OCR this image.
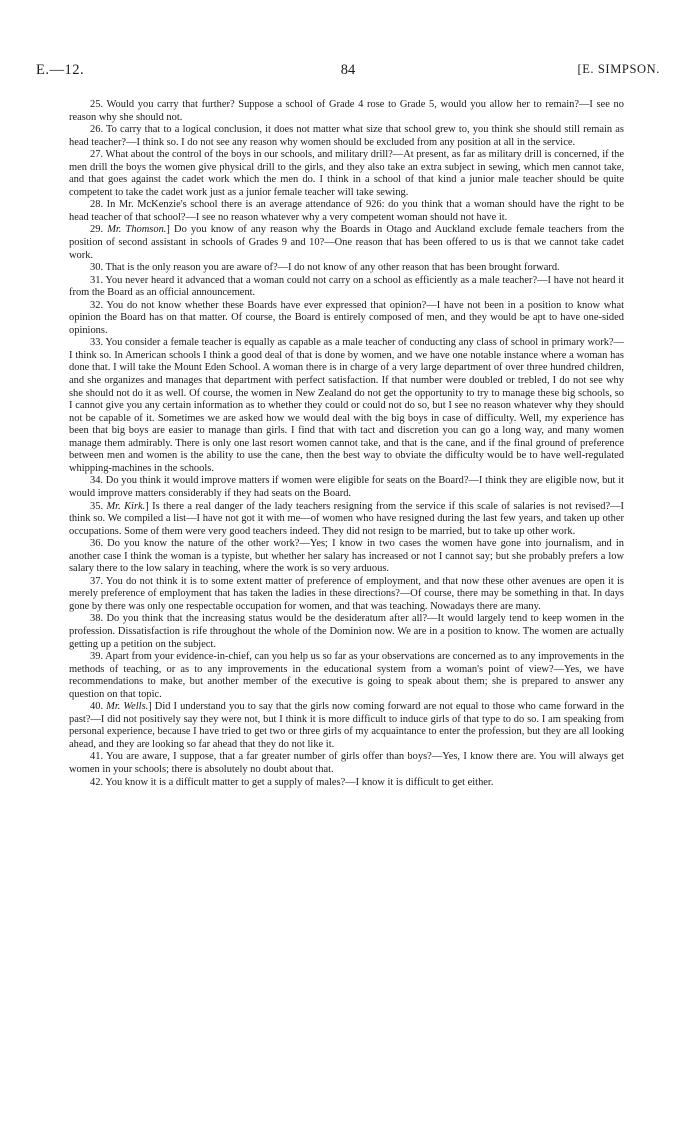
E.—12.	84	[E. SIMPSON.

25. Would you carry that further? Suppose a school of Grade 4 rose to Grade 5, would you allow her to remain?—I see no reason why she should not.

26. To carry that to a logical conclusion, it does not matter what size that school grew to, you think she should still remain as head teacher?—I think so. I do not see any reason why women should be excluded from any position at all in the service.

27. What about the control of the boys in our schools, and military drill?—At present, as far as military drill is concerned, if the men drill the boys the women give physical drill to the girls, and they also take an extra subject in sewing, which men cannot take, and that goes against the cadet work which the men do. I think in a school of that kind a junior male teacher should be quite competent to take the cadet work just as a junior female teacher will take sewing.

28. In Mr. McKenzie's school there is an average attendance of 926: do you think that a woman should have the right to be head teacher of that school?—I see no reason whatever why a very competent woman should not have it.

29. Mr. Thomson.] Do you know of any reason why the Boards in Otago and Auckland exclude female teachers from the position of second assistant in schools of Grades 9 and 10?—One reason that has been offered to us is that we cannot take cadet work.

30. That is the only reason you are aware of?—I do not know of any other reason that has been brought forward.

31. You never heard it advanced that a woman could not carry on a school as efficiently as a male teacher?—I have not heard it from the Board as an official announcement.

32. You do not know whether these Boards have ever expressed that opinion?—I have not been in a position to know what opinion the Board has on that matter. Of course, the Board is entirely composed of men, and they would be apt to have one-sided opinions.

33. You consider a female teacher is equally as capable as a male teacher of conducting any class of school in primary work?—I think so. In American schools I think a good deal of that is done by women, and we have one notable instance where a woman has done that. I will take the Mount Eden School. A woman there is in charge of a very large department of over three hundred children, and she organizes and manages that department with perfect satisfaction. If that number were doubled or trebled, I do not see why she should not do it as well. Of course, the women in New Zealand do not get the opportunity to try to manage these big schools, so I cannot give you any certain information as to whether they could or could not do so, but I see no reason whatever why they should not be capable of it. Sometimes we are asked how we would deal with the big boys in case of difficulty. Well, my experience has been that big boys are easier to manage than girls. I find that with tact and discretion you can go a long way, and many women manage them admirably. There is only one last resort women cannot take, and that is the cane, and if the final ground of preference between men and women is the ability to use the cane, then the best way to obviate the difficulty would be to have well-regulated whipping-machines in the schools.

34. Do you think it would improve matters if women were eligible for seats on the Board?—I think they are eligible now, but it would improve matters considerably if they had seats on the Board.

35. Mr. Kirk.] Is there a real danger of the lady teachers resigning from the service if this scale of salaries is not revised?—I think so. We compiled a list—I have not got it with me—of women who have resigned during the last few years, and taken up other occupations. Some of them were very good teachers indeed. They did not resign to be married, but to take up other work.

36. Do you know the nature of the other work?—Yes; I know in two cases the women have gone into journalism, and in another case I think the woman is a typiste, but whether her salary has increased or not I cannot say; but she probably prefers a low salary there to the low salary in teaching, where the work is so very arduous.

37. You do not think it is to some extent matter of preference of employment, and that now these other avenues are open it is merely preference of employment that has taken the ladies in these directions?—Of course, there may be something in that. In days gone by there was only one respectable occupation for women, and that was teaching. Nowadays there are many.

38. Do you think that the increasing status would be the desideratum after all?—It would largely tend to keep women in the profession. Dissatisfaction is rife throughout the whole of the Dominion now. We are in a position to know. The women are actually getting up a petition on the subject.

39. Apart from your evidence-in-chief, can you help us so far as your observations are concerned as to any improvements in the methods of teaching, or as to any improvements in the educational system from a woman's point of view?—Yes, we have recommendations to make, but another member of the executive is going to speak about them; she is prepared to answer any question on that topic.

40. Mr. Wells.] Did I understand you to say that the girls now coming forward are not equal to those who came forward in the past?—I did not positively say they were not, but I think it is more difficult to induce girls of that type to do so. I am speaking from personal experience, because I have tried to get two or three girls of my acquaintance to enter the profession, but they are all looking ahead, and they are looking so far ahead that they do not like it.

41. You are aware, I suppose, that a far greater number of girls offer than boys?—Yes, I know there are. You will always get women in your schools; there is absolutely no doubt about that.

42. You know it is a difficult matter to get a supply of males?—I know it is difficult to get either.
